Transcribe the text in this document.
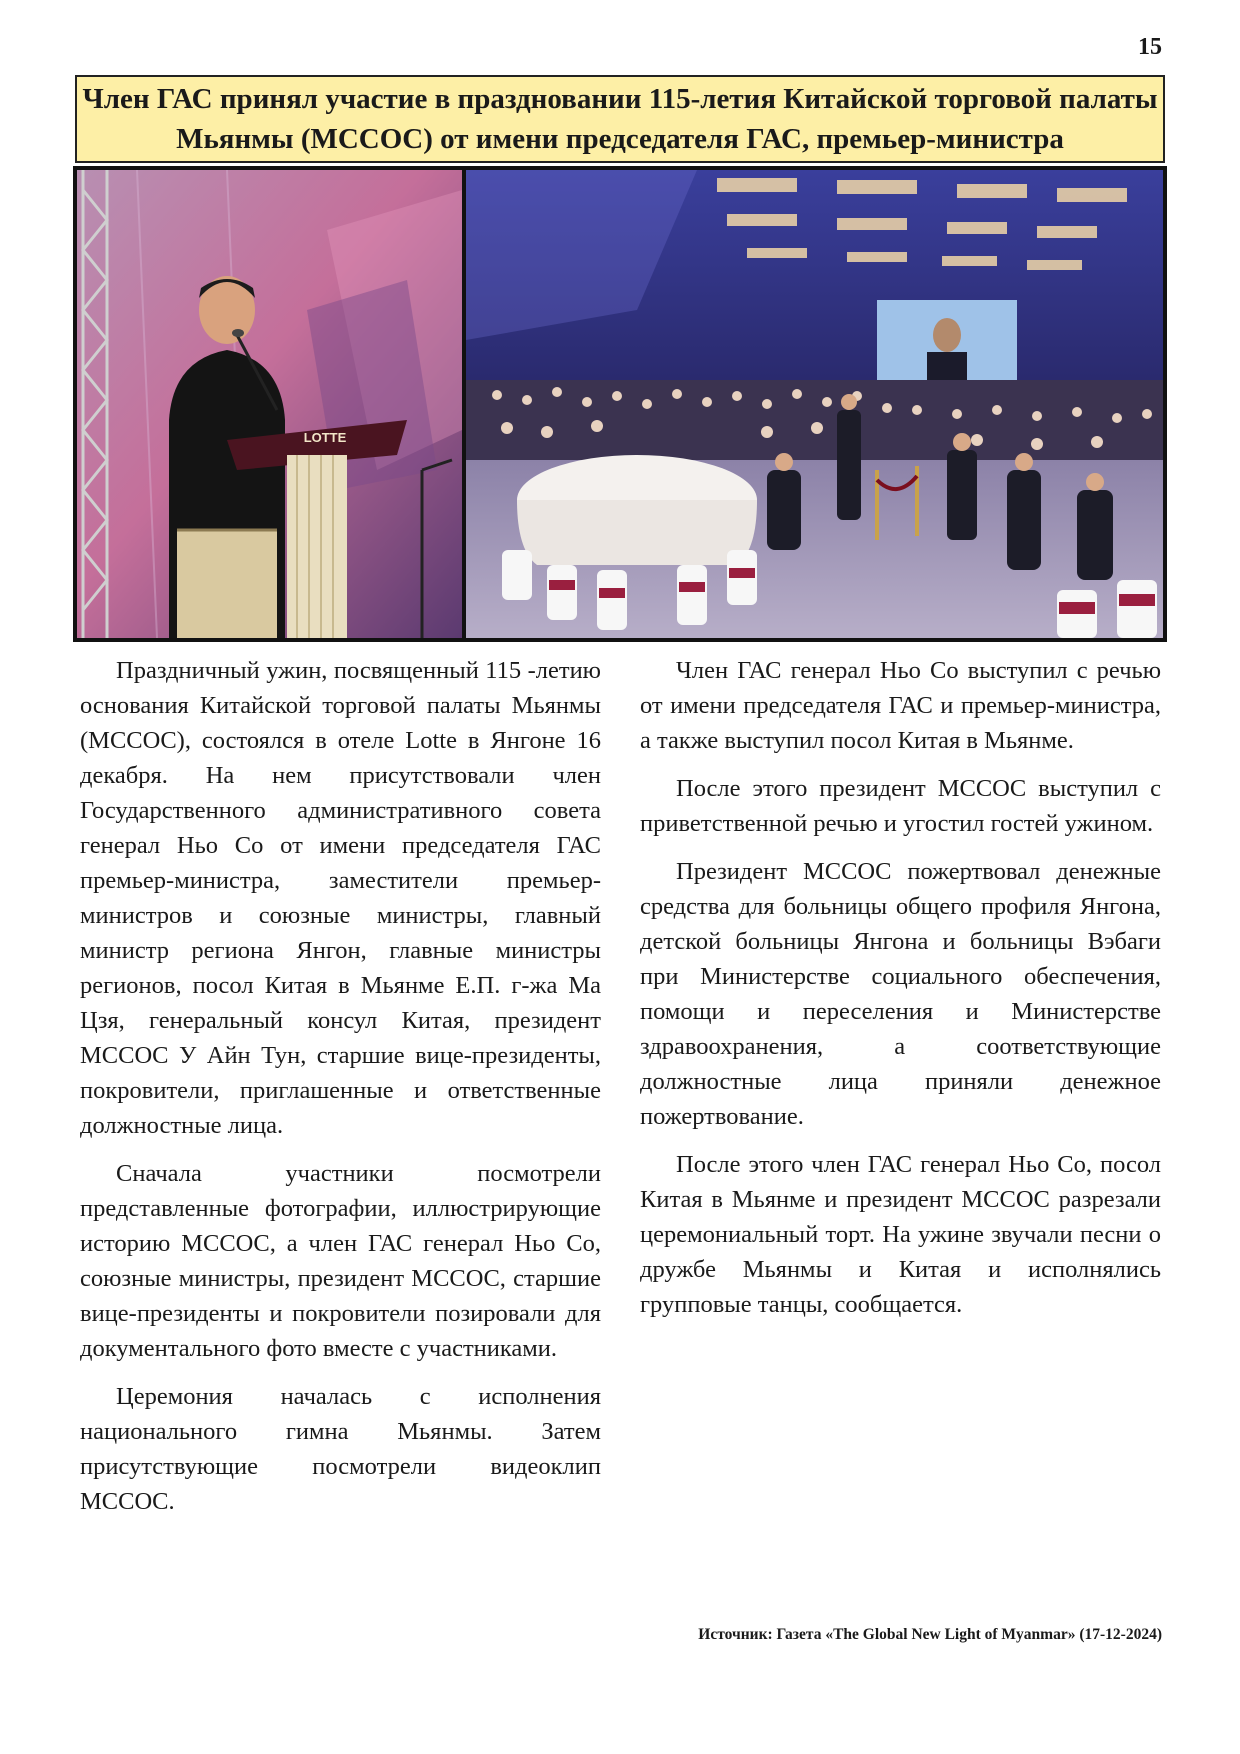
15
Член ГАС принял участие в праздновании 115-летия Китайской торговой палаты Мьянмы (MCCOC) от имени председателя ГАС, премьер-министра
LOTTE

Праздничный ужин, посвященный 115 -летию основания Китайской торговой палаты Мьянмы (MCCOC), состоялся в отеле Lotte в Янгоне 16 декабря. На нем присутствовали член Государственного административного совета генерал Ньо Со от имени председателя ГАС премьер-министра, заместители премьер-министров и союзные министры, главный министр региона Янгон, главные министры регионов, посол Китая в Мьянме Е.П. г-жа Ма Цзя, генеральный консул Китая, президент MCCOC У Айн Тун, старшие вице-президенты, покровители, приглашенные и ответственные должностные лица.

Сначала участники посмотрели представленные фотографии, иллюстрирующие историю MCCOC, а член ГАС генерал Ньо Со, союзные министры, президент MCCOC, старшие вице-президенты и покровители позировали для документального фото вместе с участниками.

Церемония началась с исполнения национального гимна Мьянмы. Затем присутствующие посмотрели видеоклип MCCOC.

Член ГАС генерал Ньо Со выступил с речью от имени председателя ГАС и премьер-министра, а также выступил посол Китая в Мьянме.

После этого президент MCCOC выступил с приветственной речью и угостил гостей ужином.

Президент MCCOC пожертвовал денежные средства для больницы общего профиля Янгона, детской больницы Янгона и больницы Вэбаги при Министерстве социального обеспечения, помощи и переселения и Министерстве здравоохранения, а соответствующие должностные лица приняли денежное пожертвование.

После этого член ГАС генерал Ньо Со, посол Китая в Мьянме и президент MCCOC разрезали церемониальный торт. На ужине звучали песни о дружбе Мьянмы и Китая и исполнялись групповые танцы, сообщается.

Источник: Газета «The Global New Light of Myanmar» (17-12-2024)
